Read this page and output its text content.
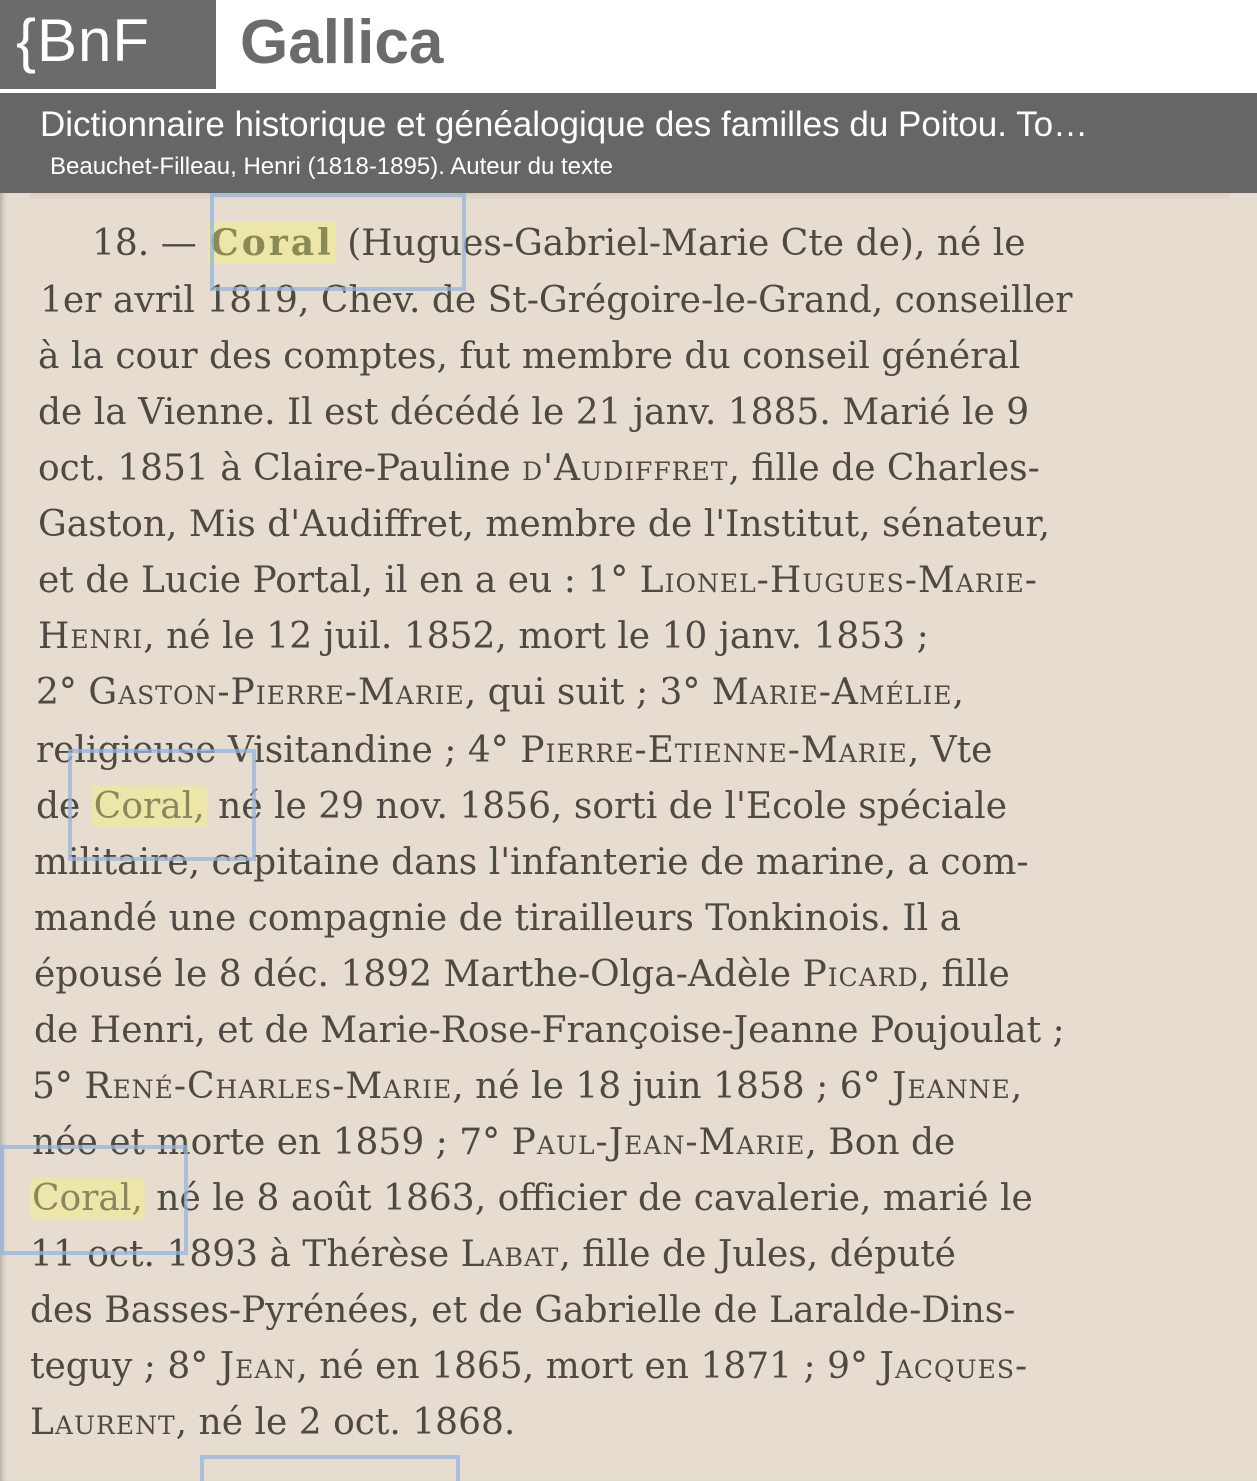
{BnF	Gallica
Dictionnaire historique et généalogique des familles du Poitou. To…
Beauchet-Filleau, Henri (1818-1895). Auteur du texte
18. — Coral (Hugues-Gabriel-Marie Cte de), né le
1er avril 1819, Chev. de St-Grégoire-le-Grand, conseiller
à la cour des comptes, fut membre du conseil général
de la Vienne. Il est décédé le 21 janv. 1885. Marié le 9
oct. 1851 à Claire-Pauline d'Audiffret, fille de Charles-
Gaston, Mis d'Audiffret, membre de l'Institut, sénateur,
et de Lucie Portal, il en a eu : 1° Lionel-Hugues-Marie-
Henri, né le 12 juil. 1852, mort le 10 janv. 1853 ;
2° Gaston-Pierre-Marie, qui suit ; 3° Marie-Amélie,
religieuse Visitandine ; 4° Pierre-Etienne-Marie, Vte
de Coral, né le 29 nov. 1856, sorti de l'Ecole spéciale
militaire, capitaine dans l'infanterie de marine, a com-
mandé une compagnie de tirailleurs Tonkinois. Il a
épousé le 8 déc. 1892 Marthe-Olga-Adèle Picard, fille
de Henri, et de Marie-Rose-Françoise-Jeanne Poujoulat ;
5° René-Charles-Marie, né le 18 juin 1858 ; 6° Jeanne,
née et morte en 1859 ; 7° Paul-Jean-Marie, Bon de
Coral, né le 8 août 1863, officier de cavalerie, marié le
11 oct. 1893 à Thérèse Labat, fille de Jules, député
des Basses-Pyrénées, et de Gabrielle de Laralde-Dins-
teguy ; 8° Jean, né en 1865, mort en 1871 ; 9° Jacques-
Laurent, né le 2 oct. 1868.
